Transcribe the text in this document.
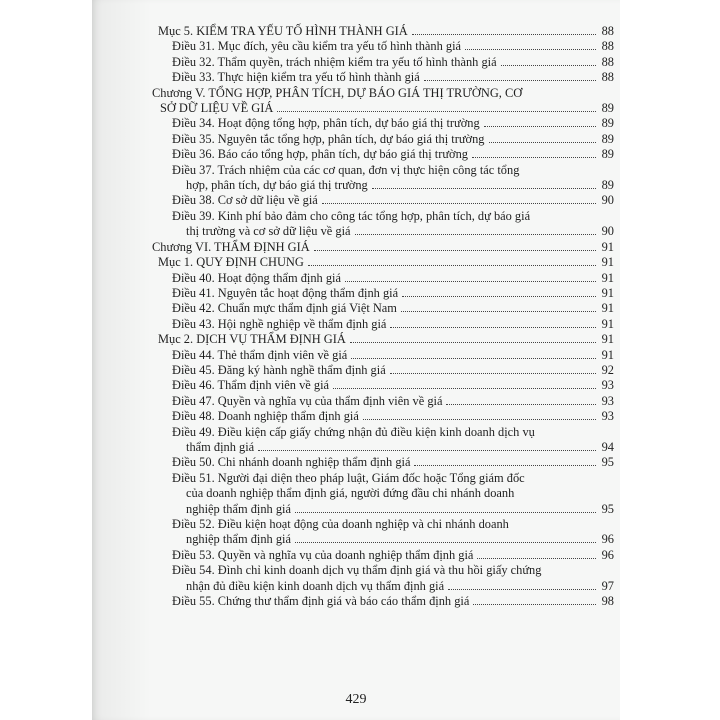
Mục 5. KIỂM TRA YẾU TỐ HÌNH THÀNH GIÁ	88
Điều 31. Mục đích, yêu cầu kiểm tra yếu tố hình thành giá	88
Điều 32. Thẩm quyền, trách nhiệm kiểm tra yếu tố hình thành giá	88
Điều 33. Thực hiện kiểm tra yếu tố hình thành giá	88
Chương V. TỔNG HỢP, PHÂN TÍCH, DỰ BÁO GIÁ THỊ TRƯỜNG, CƠ
SỞ DỮ LIỆU VỀ GIÁ	89
Điều 34. Hoạt động tổng hợp, phân tích, dự báo giá thị trường	89
Điều 35. Nguyên tắc tổng hợp, phân tích, dự báo giá thị trường	89
Điều 36. Báo cáo tổng hợp, phân tích, dự báo giá thị trường	89
Điều 37. Trách nhiệm của các cơ quan, đơn vị thực hiện công tác tổng
hợp, phân tích, dự báo giá thị trường	89
Điều 38. Cơ sở dữ liệu về giá	90
Điều 39. Kinh phí bảo đảm cho công tác tổng hợp, phân tích, dự báo giá
thị trường và cơ sở dữ liệu về giá	90
Chương VI. THẨM ĐỊNH GIÁ	91
Mục 1. QUY ĐỊNH CHUNG	91
Điều 40. Hoạt động thẩm định giá	91
Điều 41. Nguyên tắc hoạt động thẩm định giá	91
Điều 42. Chuẩn mực thẩm định giá Việt Nam	91
Điều 43. Hội nghề nghiệp về thẩm định giá	91
Mục 2. DỊCH VỤ THẨM ĐỊNH GIÁ	91
Điều 44. Thẻ thẩm định viên về giá	91
Điều 45. Đăng ký hành nghề thẩm định giá	92
Điều 46. Thẩm định viên về giá	93
Điều 47. Quyền và nghĩa vụ của thẩm định viên về giá	93
Điều 48. Doanh nghiệp thẩm định giá	93
Điều 49. Điều kiện cấp giấy chứng nhận đủ điều kiện kinh doanh dịch vụ
thẩm định giá	94
Điều 50. Chi nhánh doanh nghiệp thẩm định giá	95
Điều 51. Người đại diện theo pháp luật, Giám đốc hoặc Tổng giám đốc
của doanh nghiệp thẩm định giá, người đứng đầu chi nhánh doanh
nghiệp thẩm định giá	95
Điều 52. Điều kiện hoạt động của doanh nghiệp và chi nhánh doanh
nghiệp thẩm định giá	96
Điều 53. Quyền và nghĩa vụ của doanh nghiệp thẩm định giá	96
Điều 54. Đình chỉ kinh doanh dịch vụ thẩm định giá và thu hồi giấy chứng
nhận đủ điều kiện kinh doanh dịch vụ thẩm định giá	97
Điều 55. Chứng thư thẩm định giá và báo cáo thẩm định giá	98
429
